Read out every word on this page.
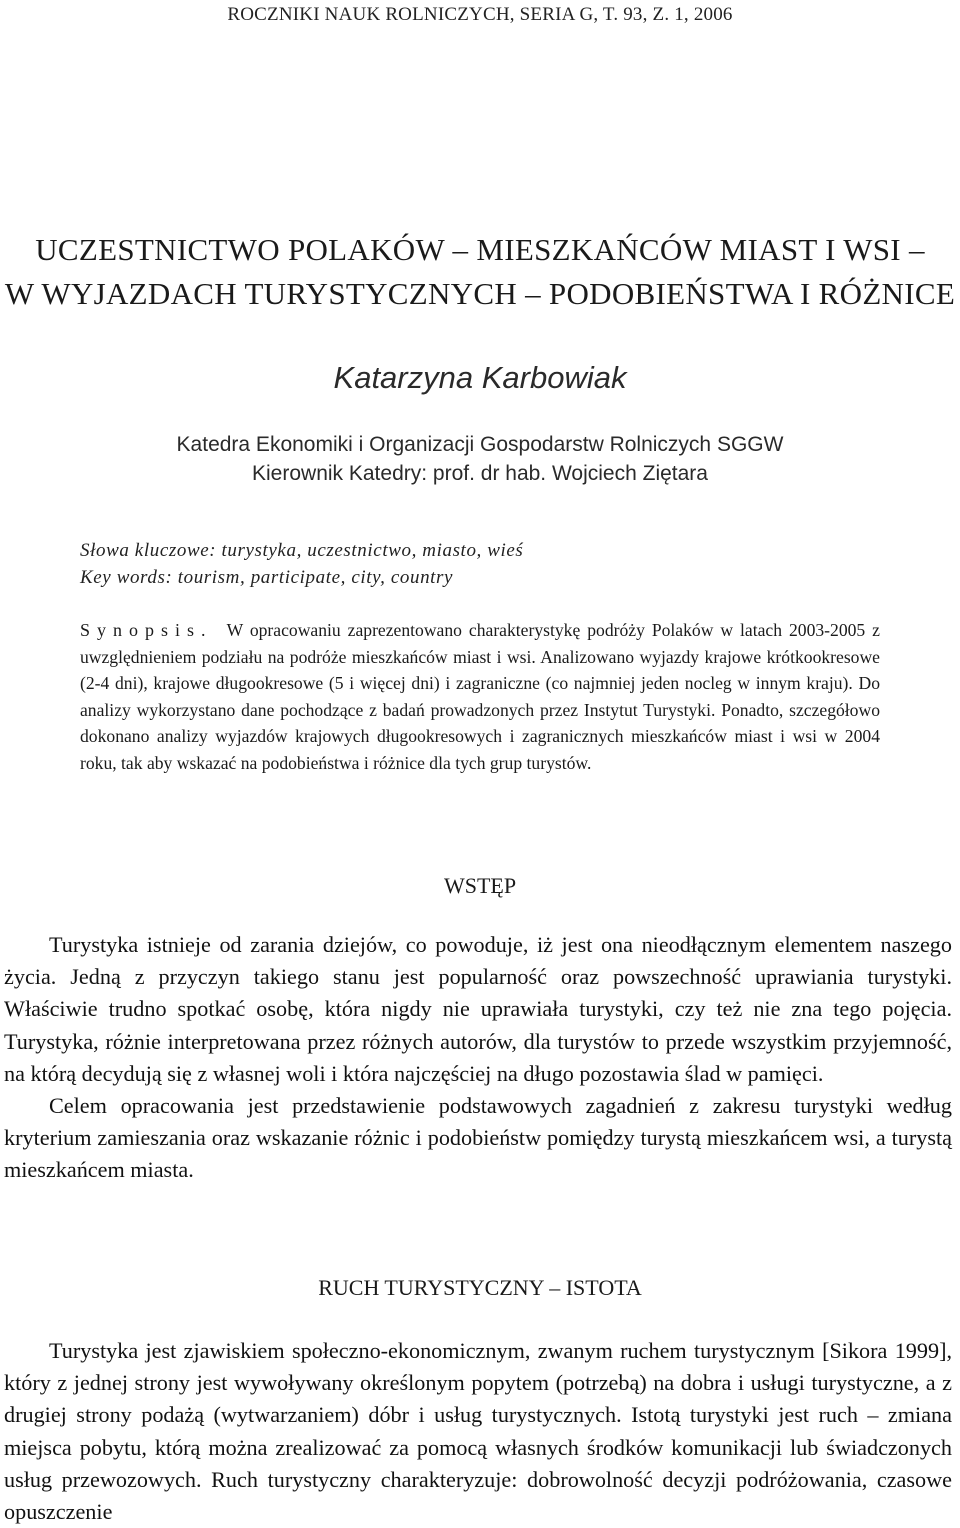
ROCZNIKI NAUK ROLNICZYCH, SERIA G, T. 93, Z. 1, 2006
UCZESTNICTWO POLAKÓW – MIESZKAŃCÓW MIAST I WSI –
W WYJAZDACH TURYSTYCZNYCH – PODOBIEŃSTWA I RÓŻNICE
Katarzyna Karbowiak
Katedra Ekonomiki i Organizacji Gospodarstw Rolniczych SGGW
Kierownik Katedry: prof. dr hab. Wojciech Ziętara
Słowa kluczowe: turystyka, uczestnictwo, miasto, wieś
Key words: tourism, participate, city, country
Synopsis. W opracowaniu zaprezentowano charakterystykę podróży Polaków w latach 2003-2005 z uwzględnieniem podziału na podróże mieszkańców miast i wsi. Analizowano wyjazdy krajowe krótkookresowe (2-4 dni), krajowe długookresowe (5 i więcej dni) i zagraniczne (co najmniej jeden nocleg w innym kraju). Do analizy wykorzystano dane pochodzące z badań prowadzonych przez Instytut Turystyki. Ponadto, szczegółowo dokonano analizy wyjazdów krajowych długookresowych i zagranicznych mieszkańców miast i wsi w 2004 roku, tak aby wskazać na podobieństwa i różnice dla tych grup turystów.
WSTĘP

Turystyka istnieje od zarania dziejów, co powoduje, iż jest ona nieodłącznym elementem naszego życia. Jedną z przyczyn takiego stanu jest popularność oraz powszechność uprawiania turystyki. Właściwie trudno spotkać osobę, która nigdy nie uprawiała turystyki, czy też nie zna tego pojęcia. Turystyka, różnie interpretowana przez różnych autorów, dla turystów to przede wszystkim przyjemność, na którą decydują się z własnej woli i która najczęściej na długo pozostawia ślad w pamięci.

Celem opracowania jest przedstawienie podstawowych zagadnień z zakresu turystyki według kryterium zamieszania oraz wskazanie różnic i podobieństw pomiędzy turystą mieszkańcem wsi, a turystą mieszkańcem miasta.

RUCH TURYSTYCZNY – ISTOTA

Turystyka jest zjawiskiem społeczno-ekonomicznym, zwanym ruchem turystycznym [Sikora 1999], który z jednej strony jest wywoływany określonym popytem (potrzebą) na dobra i usługi turystyczne, a z drugiej strony podażą (wytwarzaniem) dóbr i usług turystycznych. Istotą turystyki jest ruch – zmiana miejsca pobytu, którą można zrealizować za pomocą własnych środków komunikacji lub świadczonych usług przewozowych. Ruch turystyczny charakteryzuje: dobrowolność decyzji podróżowania, czasowe opuszczenie
